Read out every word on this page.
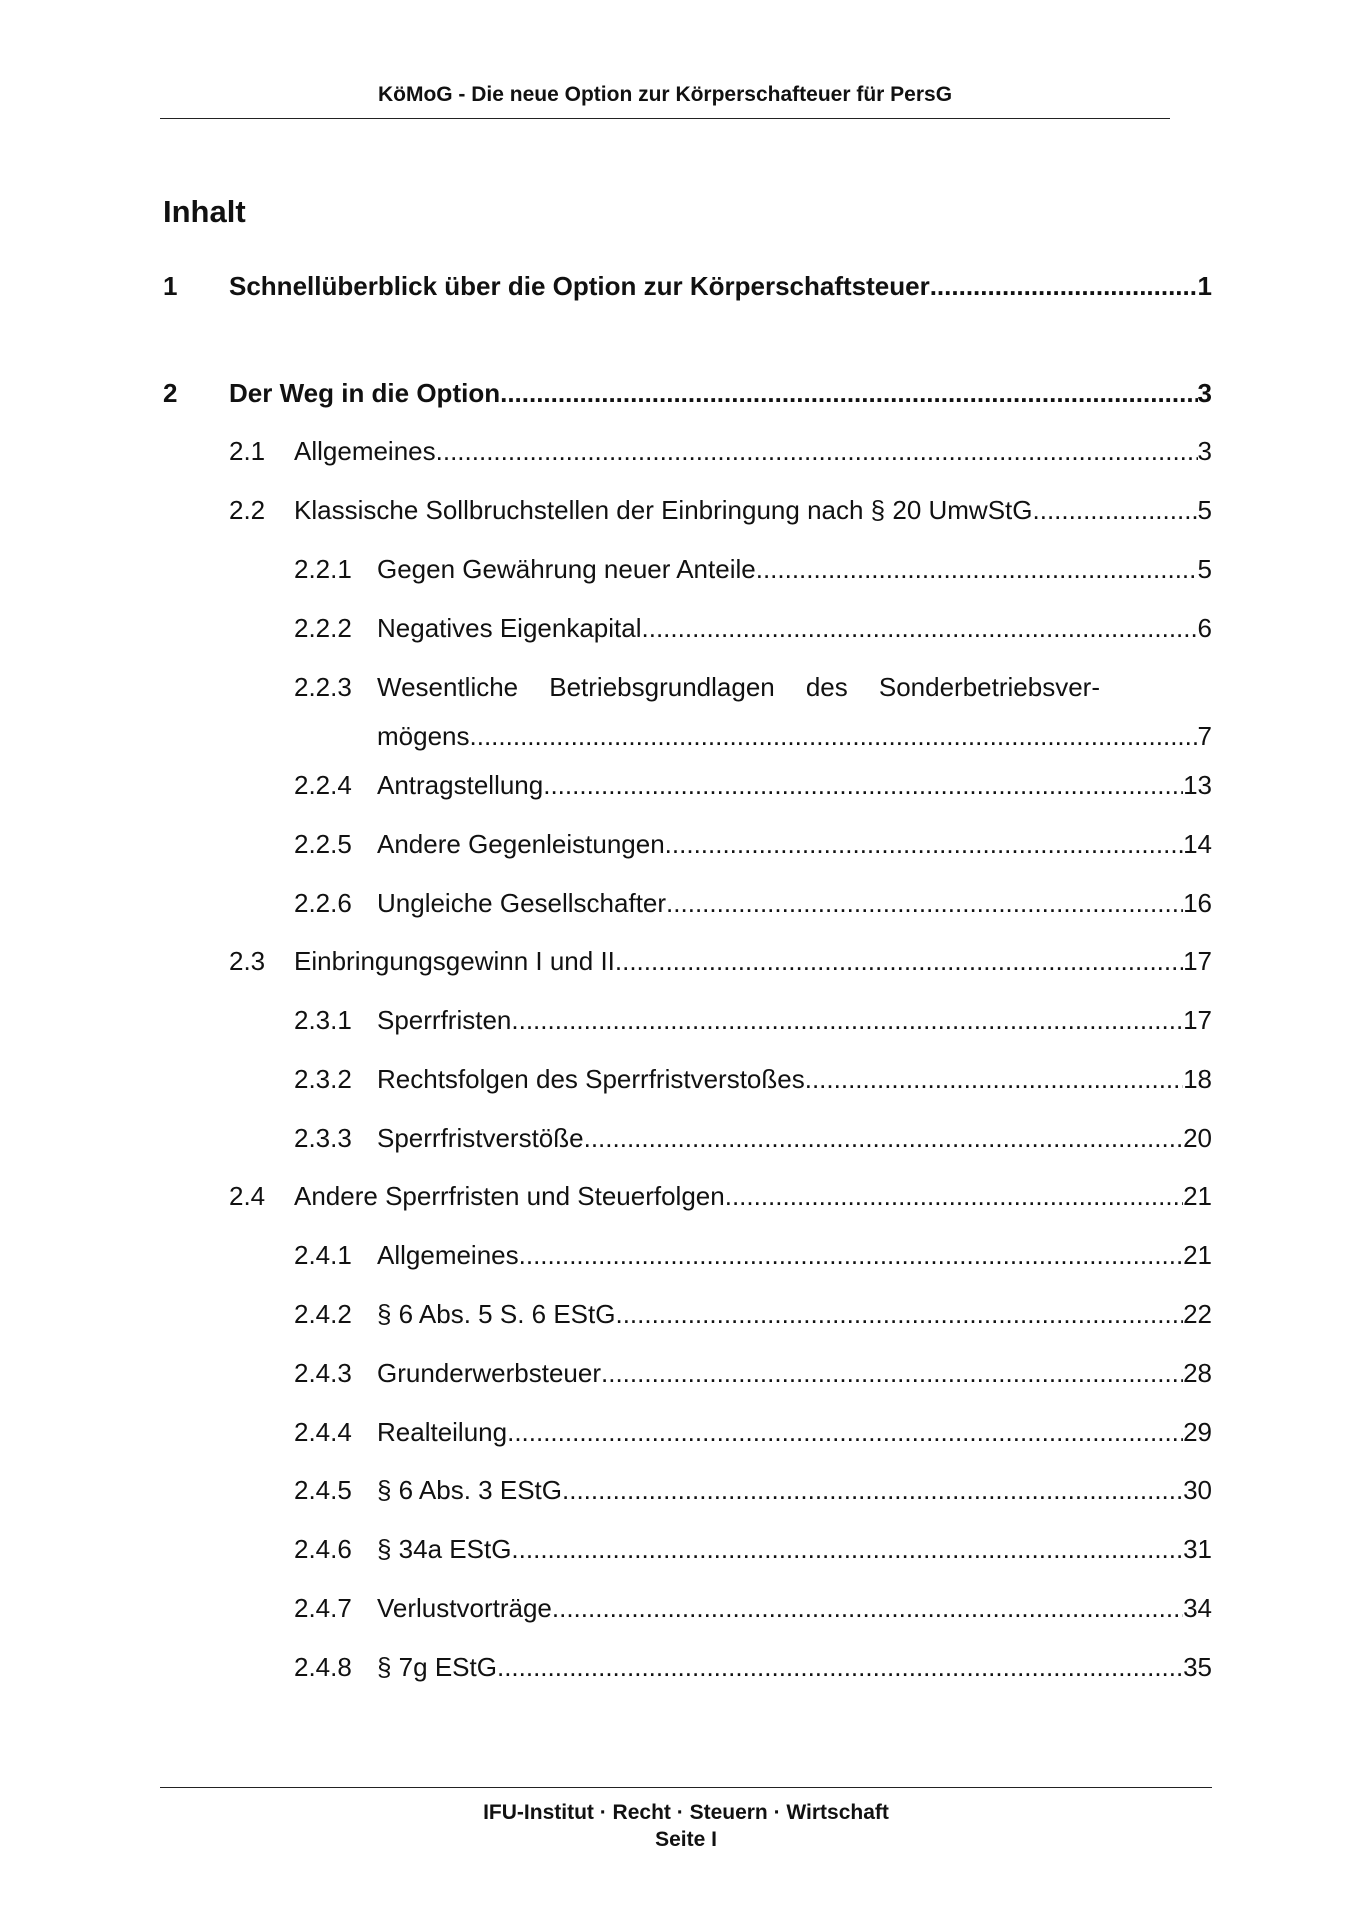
KöMoG - Die neue Option zur Körperschafteuer für PersG
Inhalt
1 Schnellüberblick über die Option zur Körperschaftsteuer .....	1
2 Der Weg in die Option .....	3
2.1 Allgemeines .....	3
2.2 Klassische Sollbruchstellen der Einbringung nach § 20 UmwStG .....	5
2.2.1 Gegen Gewährung neuer Anteile .....	5
2.2.2 Negatives Eigenkapital .....	6
2.2.3 Wesentliche Betriebsgrundlagen des Sonderbetriebsver-
mögens .....	7
2.2.4 Antragstellung .....	13
2.2.5 Andere Gegenleistungen .....	14
2.2.6 Ungleiche Gesellschafter .....	16
2.3 Einbringungsgewinn I und II .....	17
2.3.1 Sperrfristen .....	17
2.3.2 Rechtsfolgen des Sperrfristverstoßes .....	18
2.3.3 Sperrfristverstöße .....	20
2.4 Andere Sperrfristen und Steuerfolgen .....	21
2.4.1 Allgemeines .....	21
2.4.2 § 6 Abs. 5 S. 6 EStG .....	22
2.4.3 Grunderwerbsteuer .....	28
2.4.4 Realteilung .....	29
2.4.5 § 6 Abs. 3 EStG .....	30
2.4.6 § 34a EStG .....	31
2.4.7 Verlustvorträge .....	34
2.4.8 § 7g EStG .....	35
IFU-Institut · Recht · Steuern · Wirtschaft
Seite I
